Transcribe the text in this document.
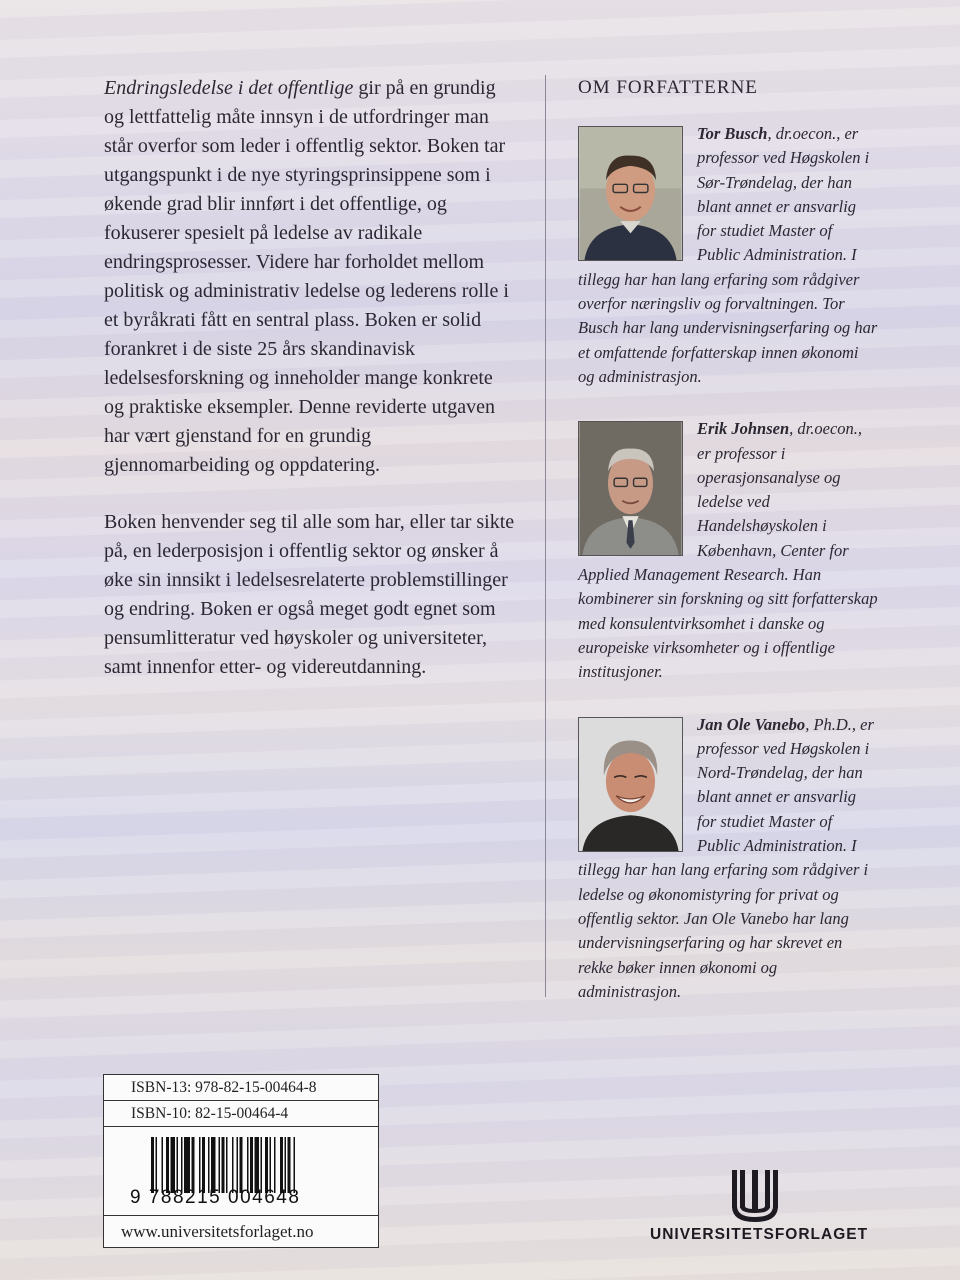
Endringsledelse i det offentlige gir på en grundig og lettfattelig måte innsyn i de utfordringer man står overfor som leder i offentlig sektor. Boken tar utgangspunkt i de nye styringsprinsippene som i økende grad blir innført i det offentlige, og fokuserer spesielt på ledelse av radikale endringsprosesser. Videre har forholdet mellom politisk og administrativ ledelse og lederens rolle i et byråkrati fått en sentral plass. Boken er solid forankret i de siste 25 års skandinavisk ledelsesforskning og inneholder mange konkrete og praktiske eksempler. Denne reviderte utgaven har vært gjenstand for en grundig gjennomarbeiding og oppdatering.

Boken henvender seg til alle som har, eller tar sikte på, en lederposisjon i offentlig sektor og ønsker å øke sin innsikt i ledelsesrelaterte problemstillinger og endring. Boken er også meget godt egnet som pensumlitteratur ved høyskoler og universiteter, samt innenfor etter- og videreutdanning.

OM FORFATTERNE
Tor Busch, dr.oecon., er professor ved Høgskolen i Sør-Trøndelag, der han blant annet er ansvarlig for studiet Master of Public Administration. I tillegg har han lang erfaring som rådgiver overfor næringsliv og forvaltningen. Tor Busch har lang undervisningserfaring og har et omfattende forfatterskap innen økonomi og administrasjon.
Erik Johnsen, dr.oecon., er professor i operasjonsanalyse og ledelse ved Handelshøyskolen i København, Center for Applied Management Research. Han kombinerer sin forskning og sitt forfatterskap med konsulentvirksomhet i danske og europeiske virksomheter og i offentlige institusjoner.
Jan Ole Vanebo, Ph.D., er professor ved Høgskolen i Nord-Trøndelag, der han blant annet er ansvarlig for studiet Master of Public Administration. I tillegg har han lang erfaring som rådgiver i ledelse og økonomistyring for privat og offentlig sektor. Jan Ole Vanebo har lang undervisningserfaring og har skrevet en rekke bøker innen økonomi og administrasjon.
ISBN-13: 978-82-15-00464-8
ISBN-10: 82-15-00464-4
9 788215 004648
www.universitetsforlaget.no	UNIVERSITETSFORLAGET
